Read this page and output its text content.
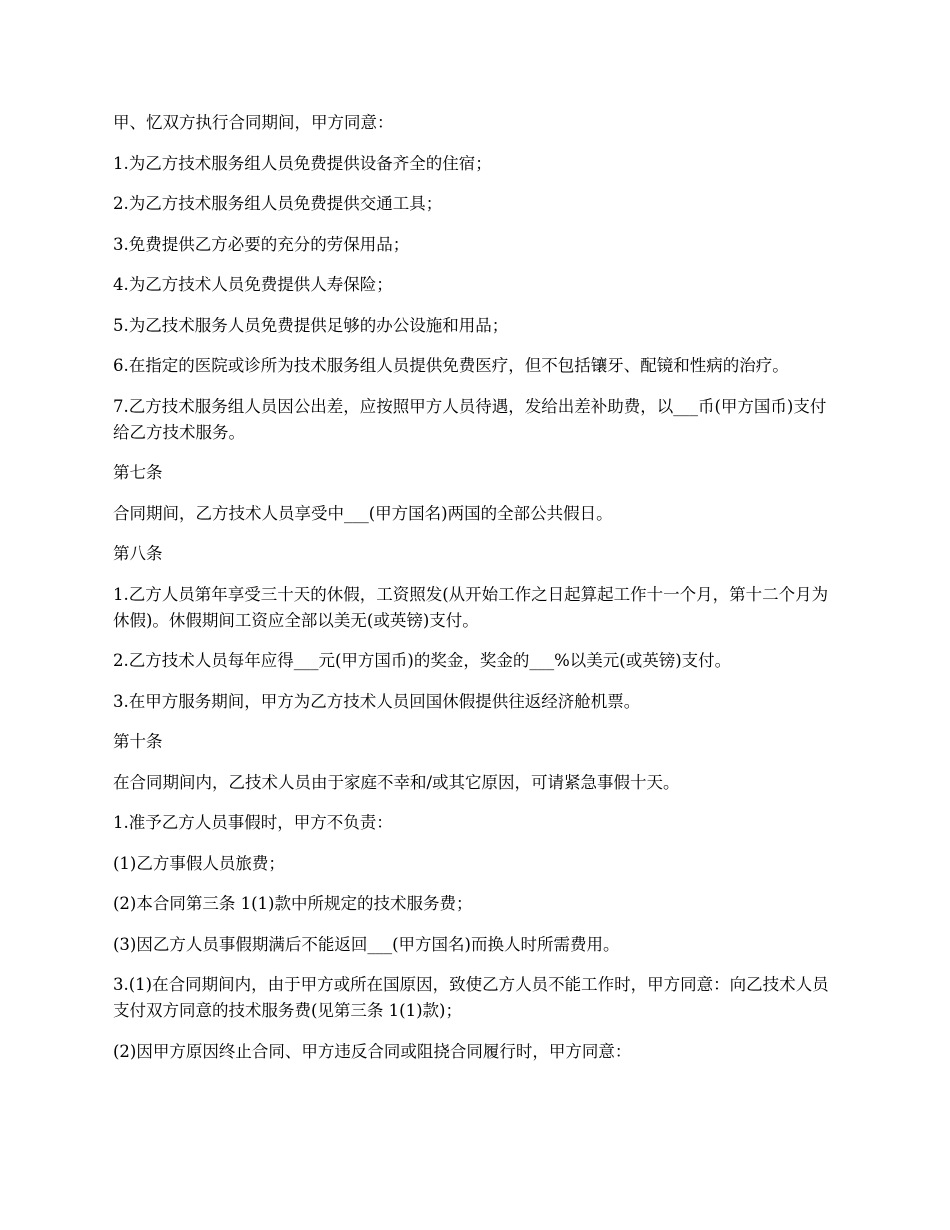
甲、忆双方执行合同期间，甲方同意：

1.为乙方技术服务组人员免费提供设备齐全的住宿；

2.为乙方技术服务组人员免费提供交通工具；

3.免费提供乙方必要的充分的劳保用品；

4.为乙方技术人员免费提供人寿保险；

5.为乙技术服务人员免费提供足够的办公设施和用品；

6.在指定的医院或诊所为技术服务组人员提供免费医疗，但不包括镶牙、配镜和性病的治疗。

7.乙方技术服务组人员因公出差，应按照甲方人员待遇，发给出差补助费，以___币(甲方国币)支付给乙方技术服务。

第七条

合同期间，乙方技术人员享受中___(甲方国名)两国的全部公共假日。

第八条

1.乙方人员第年享受三十天的休假，工资照发(从开始工作之日起算起工作十一个月，第十二个月为休假)。休假期间工资应全部以美无(或英镑)支付。

2.乙方技术人员每年应得___元(甲方国币)的奖金，奖金的___%以美元(或英镑)支付。

3.在甲方服务期间，甲方为乙方技术人员回国休假提供往返经济舱机票。

第十条

在合同期间内，乙技术人员由于家庭不幸和/或其它原因，可请紧急事假十天。

1.准予乙方人员事假时，甲方不负责：

(1)乙方事假人员旅费；

(2)本合同第三条 1(1)款中所规定的技术服务费；

(3)因乙方人员事假期满后不能返回___(甲方国名)而换人时所需费用。

3.(1)在合同期间内，由于甲方或所在国原因，致使乙方人员不能工作时，甲方同意：向乙技术人员支付双方同意的技术服务费(见第三条 1(1)款)；

(2)因甲方原因终止合同、甲方违反合同或阻挠合同履行时，甲方同意：
